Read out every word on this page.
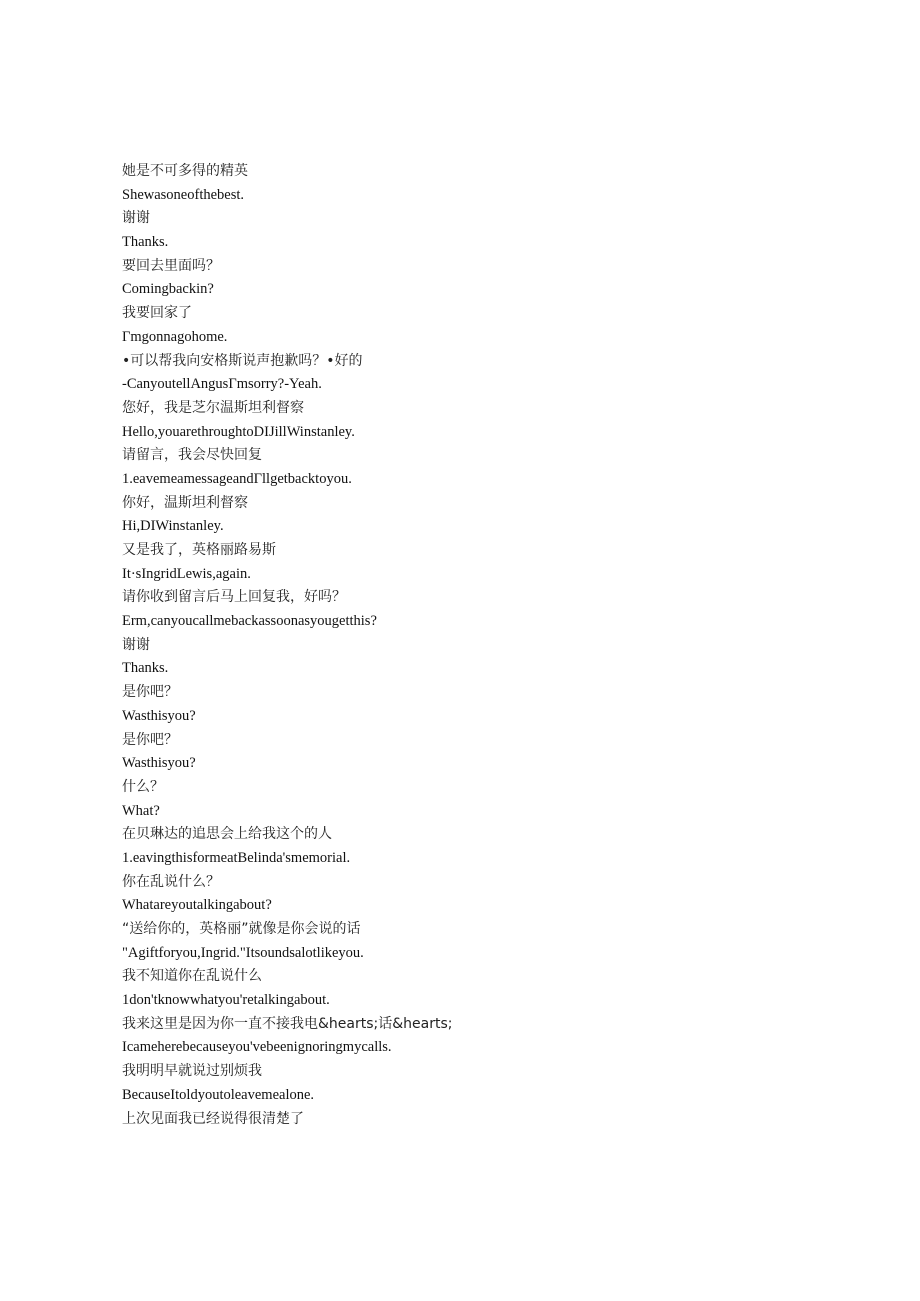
她是不可多得的精英
Shewasoneofthebest.
谢谢
Thanks.
要回去里面吗？
Comingbackin?
我要回家了
Γmgonnagohome.
•可以帮我向安格斯说声抱歉吗？•好的
-CanyoutellAngusΓmsorry?-Yeah.
您好，我是芝尔温斯坦利督察
Hello,youarethroughtoDIJillWinstanley.
请留言，我会尽快回复
1.eavemeamessageandΓllgetbacktoyou.
你好，温斯坦利督察
Hi,DIWinstanley.
又是我了，英格丽路易斯
It·sIngridLewis,again.
请你收到留言后马上回复我，好吗？
Erm,canyoucallmebackassoonasyougetthis?
谢谢
Thanks.
是你吧？
Wasthisyou?
是你吧？
Wasthisyou?
什么？
What?
在贝琳达的追思会上给我这个的人
1.eavingthisformeatBelinda'smemorial.
你在乱说什么？
Whatareyoutalkingabout?
“送给你的，英格丽”就像是你会说的话
"Agiftforyou,Ingrid."Itsoundsalotlikeyou.
我不知道你在乱说什么
1don'tknowwhatyou'retalkingabout.
我来这里是因为你一直不接我电&hearts;话&hearts;
Icameherebecauseyou'vebeenignoringmycalls.
我明明早就说过别烦我
BecauseItoldyoutoleavemealone.
上次见面我已经说得很清楚了
